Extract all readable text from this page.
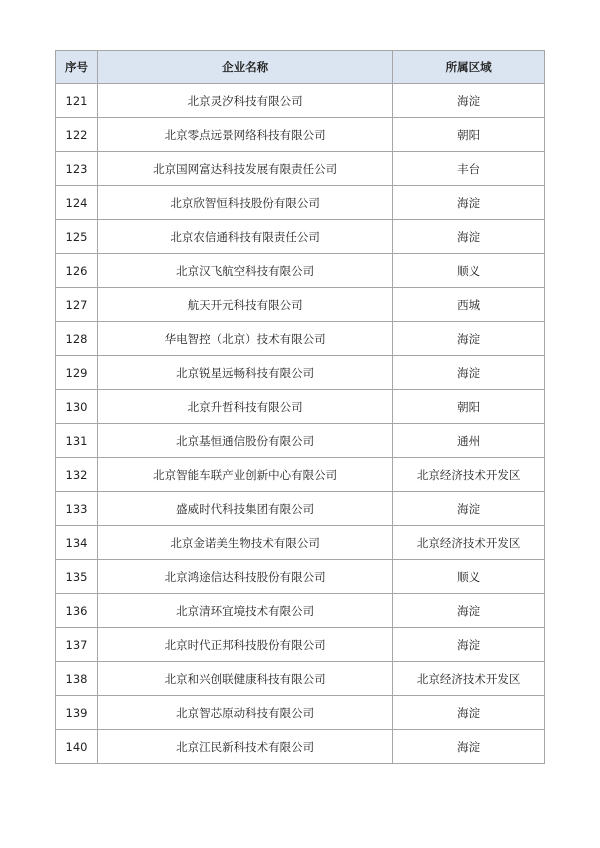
序号	企业名称	所属区域
121	北京灵汐科技有限公司	海淀
122	北京零点远景网络科技有限公司	朝阳
123	北京国网富达科技发展有限责任公司	丰台
124	北京欣智恒科技股份有限公司	海淀
125	北京农信通科技有限责任公司	海淀
126	北京汉飞航空科技有限公司	顺义
127	航天开元科技有限公司	西城
128	华电智控（北京）技术有限公司	海淀
129	北京锐星远畅科技有限公司	海淀
130	北京升哲科技有限公司	朝阳
131	北京基恒通信股份有限公司	通州
132	北京智能车联产业创新中心有限公司	北京经济技术开发区
133	盛威时代科技集团有限公司	海淀
134	北京金诺美生物技术有限公司	北京经济技术开发区
135	北京鸿途信达科技股份有限公司	顺义
136	北京清环宜境技术有限公司	海淀
137	北京时代正邦科技股份有限公司	海淀
138	北京和兴创联健康科技有限公司	北京经济技术开发区
139	北京智芯原动科技有限公司	海淀
140	北京江民新科技术有限公司	海淀
